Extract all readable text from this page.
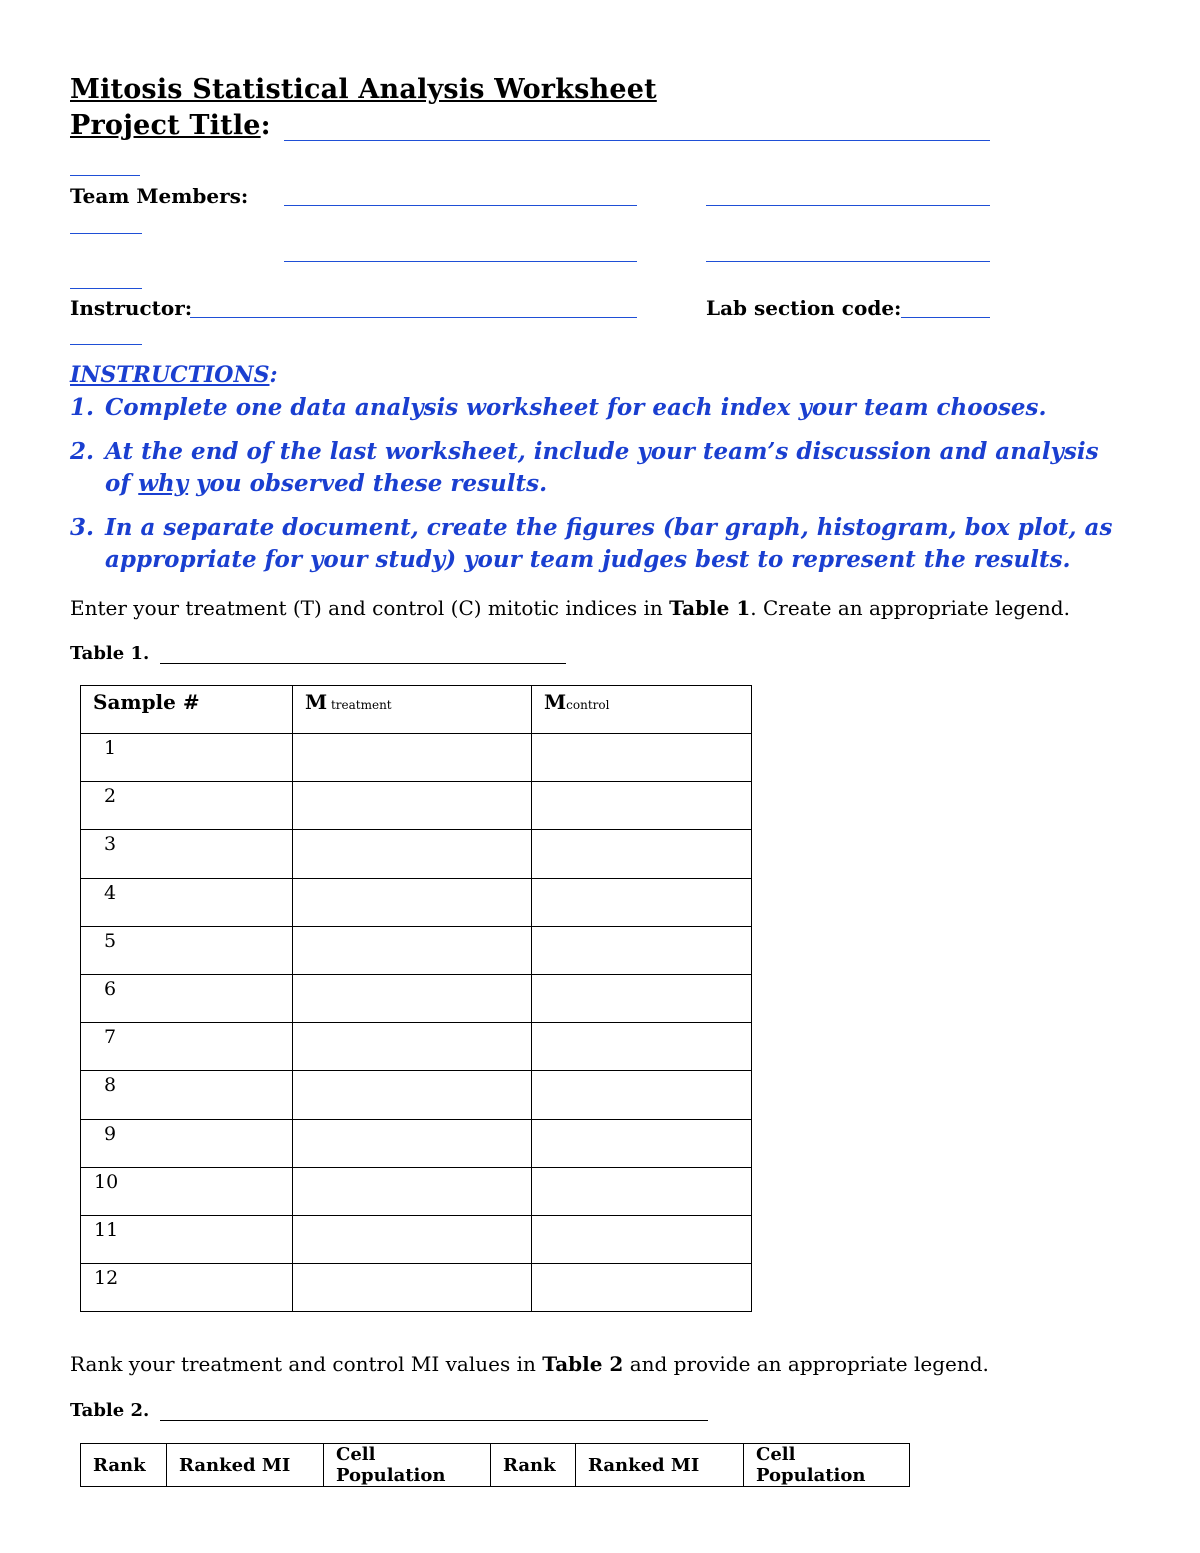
Mitosis Statistical Analysis Worksheet
Project Title:
Team Members:
Instructor:	Lab section code:
INSTRUCTIONS:
1. Complete one data analysis worksheet for each index your team chooses.
2. At the end of the last worksheet, include your team’s discussion and analysis
of why you observed these results.
3. In a separate document, create the figures (bar graph, histogram, box plot, as
appropriate for your study) your team judges best to represent the results.
Enter your treatment (T) and control (C) mitotic indices in Table 1. Create an appropriate legend.
Table 1.
Sample #	M treatment	Mcontrol
1		
2		
3		
4		
5		
6		
7		
8		
9		
10		
11		
12		
Rank your treatment and control MI values in Table 2 and provide an appropriate legend.
Table 2.
Rank	Ranked MI	Cell Population	Rank	Ranked MI	Cell Population
